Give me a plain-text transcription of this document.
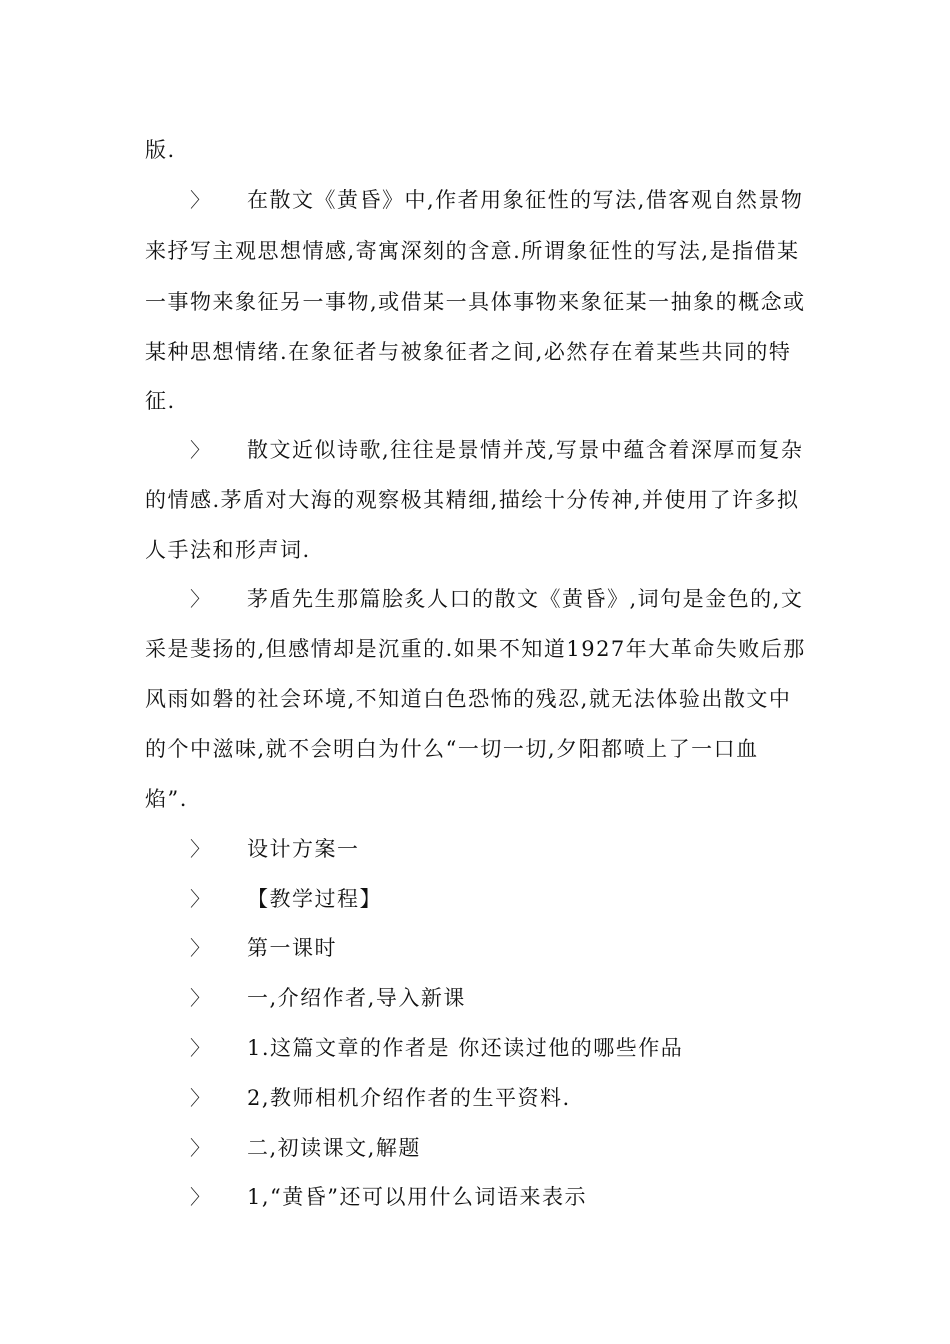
版.
〉 在散文《黄昏》中,作者用象征性的写法,借客观自然景物
来抒写主观思想情感,寄寓深刻的含意.所谓象征性的写法,是指借某
一事物来象征另一事物,或借某一具体事物来象征某一抽象的概念或
某种思想情绪.在象征者与被象征者之间,必然存在着某些共同的特
征.
〉 散文近似诗歌,往往是景情并茂,写景中蕴含着深厚而复杂
的情感.茅盾对大海的观察极其精细,描绘十分传神,并使用了许多拟
人手法和形声词.
〉 茅盾先生那篇脍炙人口的散文《黄昏》,词句是金色的,文
采是斐扬的,但感情却是沉重的.如果不知道1927年大革命失败后那
风雨如磐的社会环境,不知道白色恐怖的残忍,就无法体验出散文中
的个中滋味,就不会明白为什么“一切一切,夕阳都喷上了一口血
焰”.
〉 设计方案一
〉 【教学过程】
〉 第一课时
〉 一,介绍作者,导入新课
〉 1.这篇文章的作者是 你还读过他的哪些作品
〉 2,教师相机介绍作者的生平资料.
〉 二,初读课文,解题
〉 1,“黄昏”还可以用什么词语来表示
